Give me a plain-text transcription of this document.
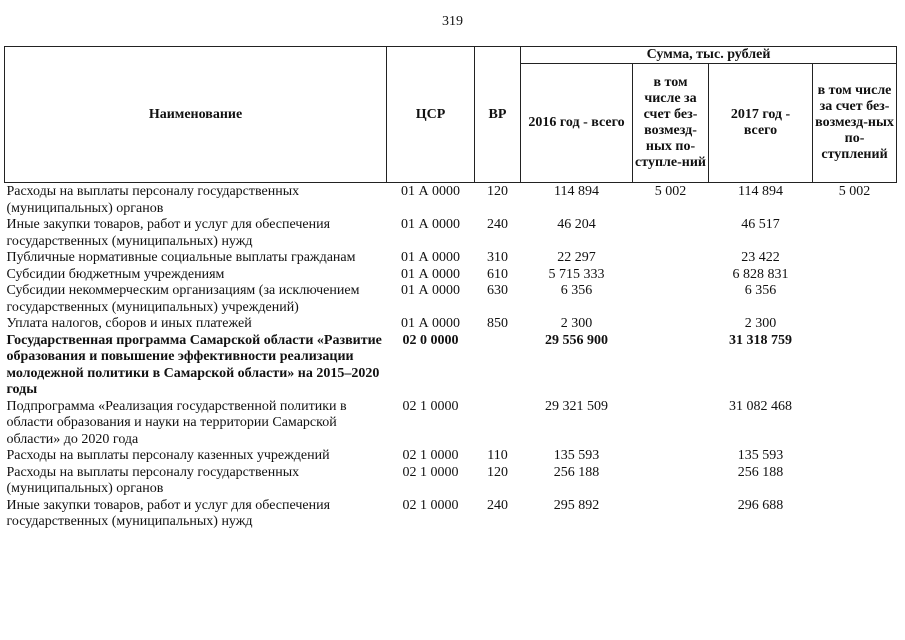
319
Наименование	ЦСР	ВР	Сумма, тыс. рублей			
			2016 год - всего	в том числе за счет без-возмезд-ных по-ступле-ний	2017 год - всего	в том числе за счет без-возмезд-ных по-ступлений
Расходы на выплаты персоналу государственных (муниципальных) органов	01 А 0000	120	114 894	5 002	114 894	5 002
Иные закупки товаров, работ и услуг для обеспечения государственных (муниципальных) нужд	01 А 0000	240	46 204		46 517	
Публичные нормативные социальные выплаты гражданам	01 А 0000	310	22 297		23 422	
Субсидии бюджетным учреждениям	01 А 0000	610	5 715 333		6 828 831	
Субсидии некоммерческим организациям (за исключением государственных (муниципальных) учреждений)	01 А 0000	630	6 356		6 356	
Уплата налогов, сборов и иных платежей	01 А 0000	850	2 300		2 300	
Государственная программа Самарской области «Развитие образования и повышение эффективности реализации молодежной политики в Самарской области» на 2015–2020 годы	02 0 0000		29 556 900		31 318 759	
Подпрограмма «Реализация государственной политики в области образования и науки на территории Самарской области» до 2020 года	02 1 0000		29 321 509		31 082 468	
Расходы на выплаты персоналу казенных учреждений	02 1 0000	110	135 593		135 593	
Расходы на выплаты персоналу государственных (муниципальных) органов	02 1 0000	120	256 188		256 188	
Иные закупки товаров, работ и услуг для обеспечения государственных (муниципальных) нужд	02 1 0000	240	295 892		296 688	
